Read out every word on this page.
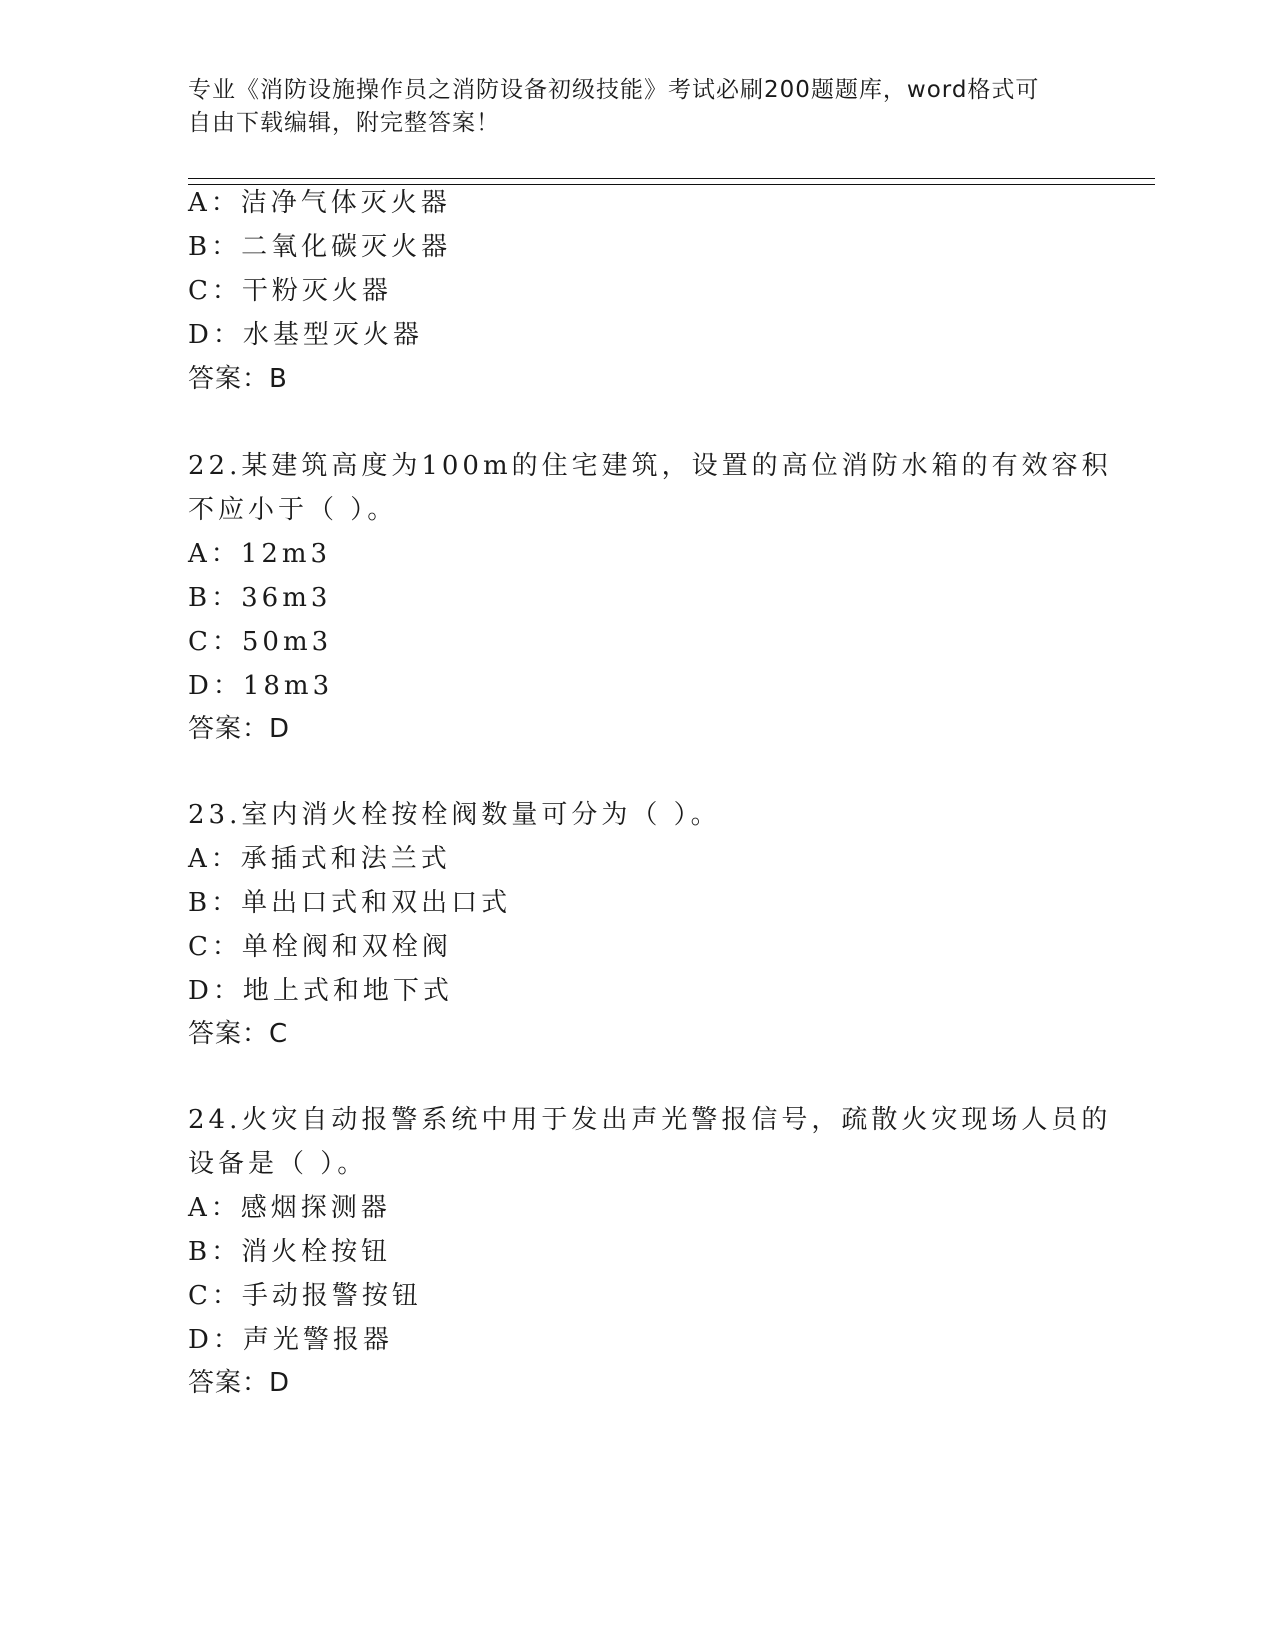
专业《消防设施操作员之消防设备初级技能》考试必刷200题题库，word格式可
自由下载编辑，附完整答案！
A：洁净气体灭火器
B：二氧化碳灭火器
C：干粉灭火器
D：水基型灭火器
答案：B
22.某建筑高度为100m的住宅建筑，设置的高位消防水箱的有效容积
不应小于（ ）。
A：12m3
B：36m3
C：50m3
D：18m3
答案：D
23.室内消火栓按栓阀数量可分为（ ）。
A：承插式和法兰式
B：单出口式和双出口式
C：单栓阀和双栓阀
D：地上式和地下式
答案：C
24.火灾自动报警系统中用于发出声光警报信号，疏散火灾现场人员的
设备是（ ）。
A：感烟探测器
B：消火栓按钮
C：手动报警按钮
D：声光警报器
答案：D
